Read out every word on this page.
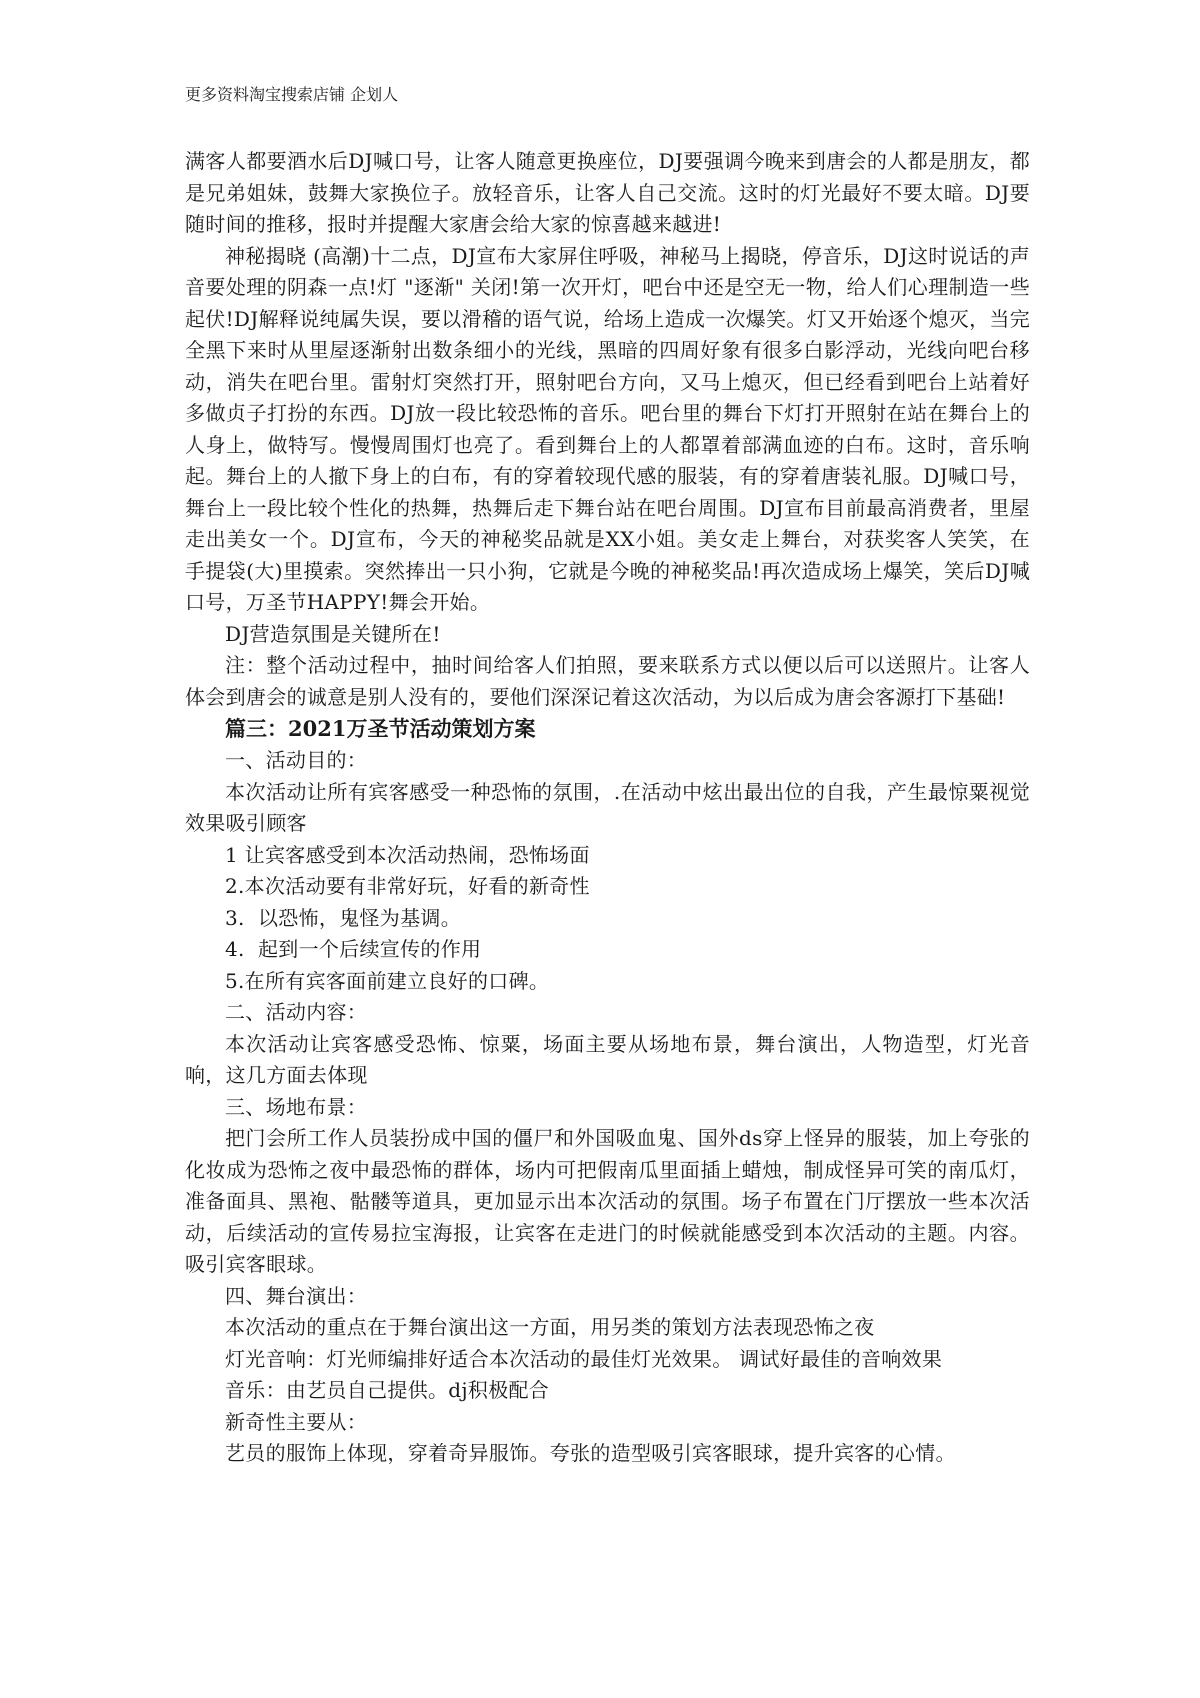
更多资料淘宝搜索店铺 企划人

满客人都要酒水后DJ喊口号，让客人随意更换座位，DJ要强调今晚来到唐会的人都是朋友，都是兄弟姐妹，鼓舞大家换位子。放轻音乐，让客人自己交流。这时的灯光最好不要太暗。DJ要随时间的推移，报时并提醒大家唐会给大家的惊喜越来越进!

神秘揭晓 (高潮)十二点，DJ宣布大家屏住呼吸，神秘马上揭晓，停音乐，DJ这时说话的声音要处理的阴森一点!灯 "逐渐" 关闭!第一次开灯，吧台中还是空无一物，给人们心理制造一些起伏!DJ解释说纯属失误，要以滑稽的语气说，给场上造成一次爆笑。灯又开始逐个熄灭，当完全黑下来时从里屋逐渐射出数条细小的光线，黑暗的四周好象有很多白影浮动，光线向吧台移动，消失在吧台里。雷射灯突然打开，照射吧台方向，又马上熄灭，但已经看到吧台上站着好多做贞子打扮的东西。DJ放一段比较恐怖的音乐。吧台里的舞台下灯打开照射在站在舞台上的人身上，做特写。慢慢周围灯也亮了。看到舞台上的人都罩着部满血迹的白布。这时，音乐响起。舞台上的人撤下身上的白布，有的穿着较现代感的服装，有的穿着唐装礼服。DJ喊口号，舞台上一段比较个性化的热舞，热舞后走下舞台站在吧台周围。DJ宣布目前最高消费者，里屋走出美女一个。DJ宣布，今天的神秘奖品就是XX小姐。美女走上舞台，对获奖客人笑笑，在手提袋(大)里摸索。突然捧出一只小狗，它就是今晚的神秘奖品!再次造成场上爆笑，笑后DJ喊口号，万圣节HAPPY!舞会开始。

DJ营造氛围是关键所在!

注：整个活动过程中，抽时间给客人们拍照，要来联系方式以便以后可以送照片。让客人体会到唐会的诚意是别人没有的，要他们深深记着这次活动，为以后成为唐会客源打下基础!

篇三：2021万圣节活动策划方案

一、活动目的：

本次活动让所有宾客感受一种恐怖的氛围，.在活动中炫出最出位的自我，产生最惊粟视觉效果吸引顾客

1 让宾客感受到本次活动热闹，恐怖场面

2.本次活动要有非常好玩，好看的新奇性

3.  以恐怖，鬼怪为基调。

4.  起到一个后续宣传的作用

5.在所有宾客面前建立良好的口碑。

二、活动内容：

本次活动让宾客感受恐怖、惊粟，场面主要从场地布景，舞台演出，人物造型，灯光音响，这几方面去体现

三、场地布景：

把门会所工作人员装扮成中国的僵尸和外国吸血鬼、国外ds穿上怪异的服装，加上夸张的化妆成为恐怖之夜中最恐怖的群体，场内可把假南瓜里面插上蜡烛，制成怪异可笑的南瓜灯，准备面具、黑袍、骷髅等道具，更加显示出本次活动的氛围。场子布置在门厅摆放一些本次活动，后续活动的宣传易拉宝海报，让宾客在走进门的时候就能感受到本次活动的主题。内容。吸引宾客眼球。

四、舞台演出：

本次活动的重点在于舞台演出这一方面，用另类的策划方法表现恐怖之夜

灯光音响：灯光师编排好适合本次活动的最佳灯光效果。 调试好最佳的音响效果

音乐：由艺员自己提供。dj积极配合

新奇性主要从：

艺员的服饰上体现，穿着奇异服饰。夸张的造型吸引宾客眼球，提升宾客的心情。
